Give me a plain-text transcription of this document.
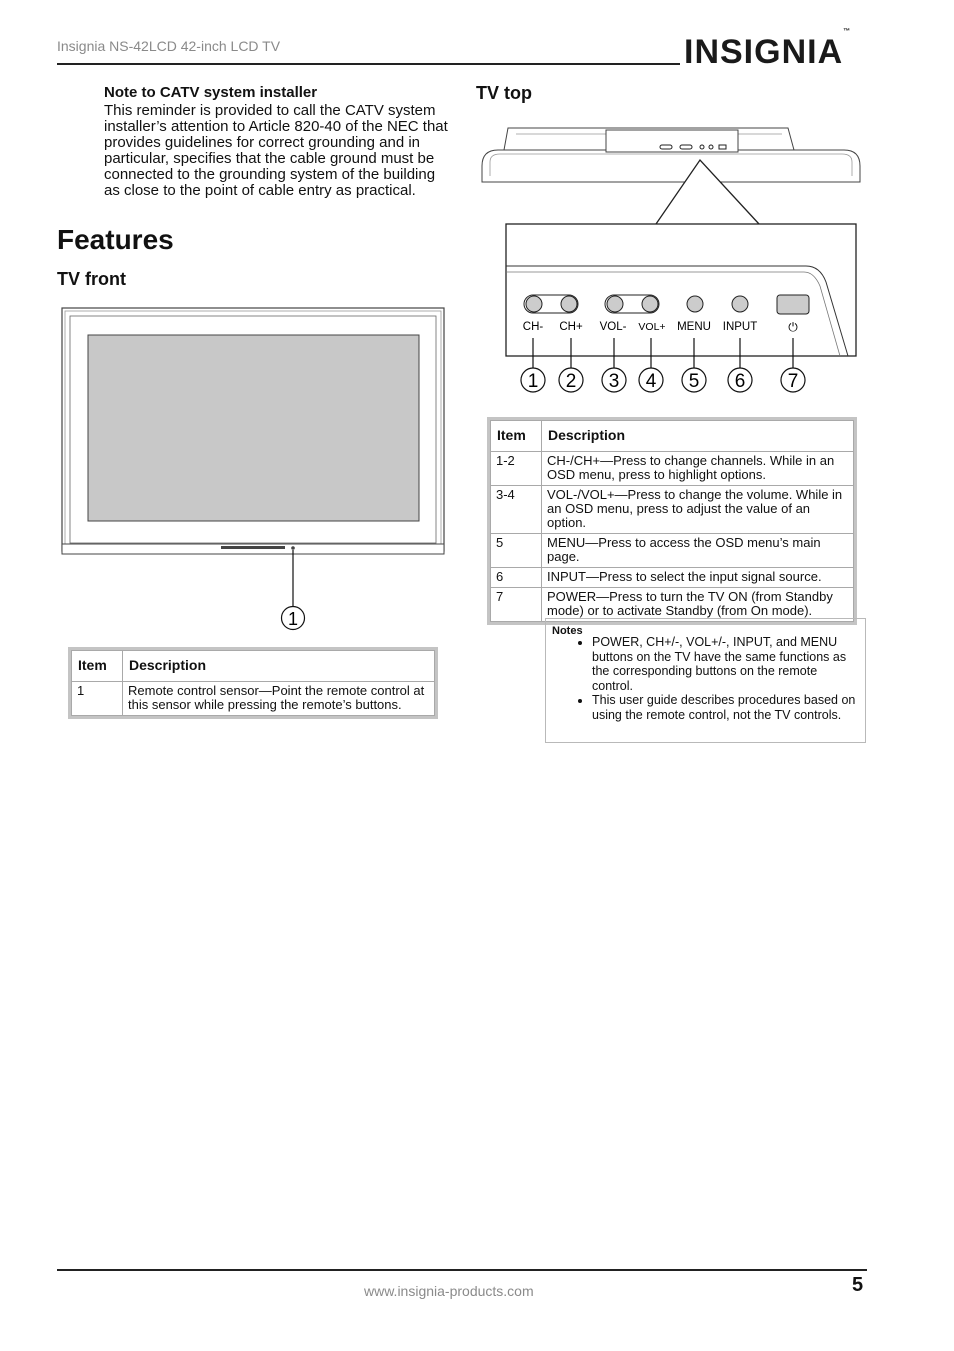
Insignia NS-42LCD 42-inch LCD TV	INSIGNIA™
Note to CATV system installer
This reminder is provided to call the CATV system installer’s attention to Article 820-40 of the NEC that provides guidelines for correct grounding and in particular, specifies that the cable ground must be connected to the grounding system of the building as close to the point of cable entry as practical.
Features
TV front
TV top
1
Item	Description
1	Remote control sensor—Point the remote control at this sensor while pressing the remote’s buttons.
CH- CH+ VOL- VOL+ MENU INPUT	⏻
1 2 3 4 5 6 7
Item	Description
1-2	CH-/CH+—Press to change channels. While in an OSD menu, press to highlight options.
3-4	VOL-/VOL+—Press to change the volume. While in an OSD menu, press to adjust the value of an option.
5	MENU—Press to access the OSD menu’s main page.
6	INPUT—Press to select the input signal source.
7	POWER—Press to turn the TV ON (from Standby mode) or to activate Standby (from On mode).
Notes
• POWER, CH+/-, VOL+/-, INPUT, and MENU buttons on the TV have the same functions as the corresponding buttons on the remote control.
• This user guide describes procedures based on using the remote control, not the TV controls.
www.insignia-products.com	5
